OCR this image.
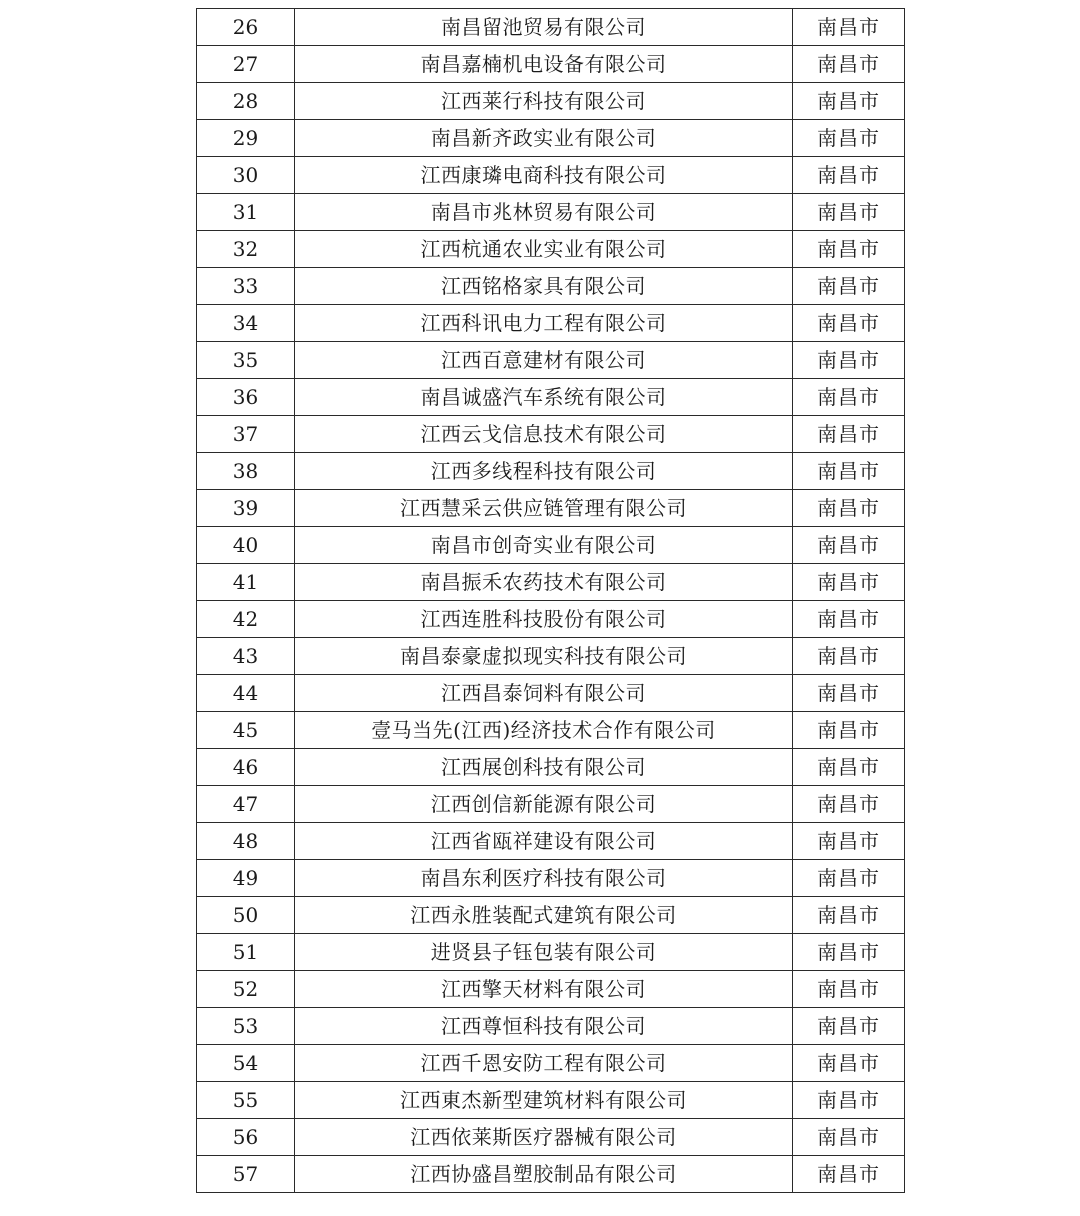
26	南昌留池贸易有限公司	南昌市
27	南昌嘉楠机电设备有限公司	南昌市
28	江西莱行科技有限公司	南昌市
29	南昌新齐政实业有限公司	南昌市
30	江西康璘电商科技有限公司	南昌市
31	南昌市兆林贸易有限公司	南昌市
32	江西杭通农业实业有限公司	南昌市
33	江西铭格家具有限公司	南昌市
34	江西科讯电力工程有限公司	南昌市
35	江西百意建材有限公司	南昌市
36	南昌诚盛汽车系统有限公司	南昌市
37	江西云戈信息技术有限公司	南昌市
38	江西多线程科技有限公司	南昌市
39	江西慧采云供应链管理有限公司	南昌市
40	南昌市创奇实业有限公司	南昌市
41	南昌振禾农药技术有限公司	南昌市
42	江西连胜科技股份有限公司	南昌市
43	南昌泰豪虚拟现实科技有限公司	南昌市
44	江西昌泰饲料有限公司	南昌市
45	壹马当先(江西)经济技术合作有限公司	南昌市
46	江西展创科技有限公司	南昌市
47	江西创信新能源有限公司	南昌市
48	江西省瓯祥建设有限公司	南昌市
49	南昌东利医疗科技有限公司	南昌市
50	江西永胜装配式建筑有限公司	南昌市
51	进贤县子钰包装有限公司	南昌市
52	江西擎天材料有限公司	南昌市
53	江西尊恒科技有限公司	南昌市
54	江西千恩安防工程有限公司	南昌市
55	江西東杰新型建筑材料有限公司	南昌市
56	江西依莱斯医疗器械有限公司	南昌市
57	江西协盛昌塑胶制品有限公司	南昌市
